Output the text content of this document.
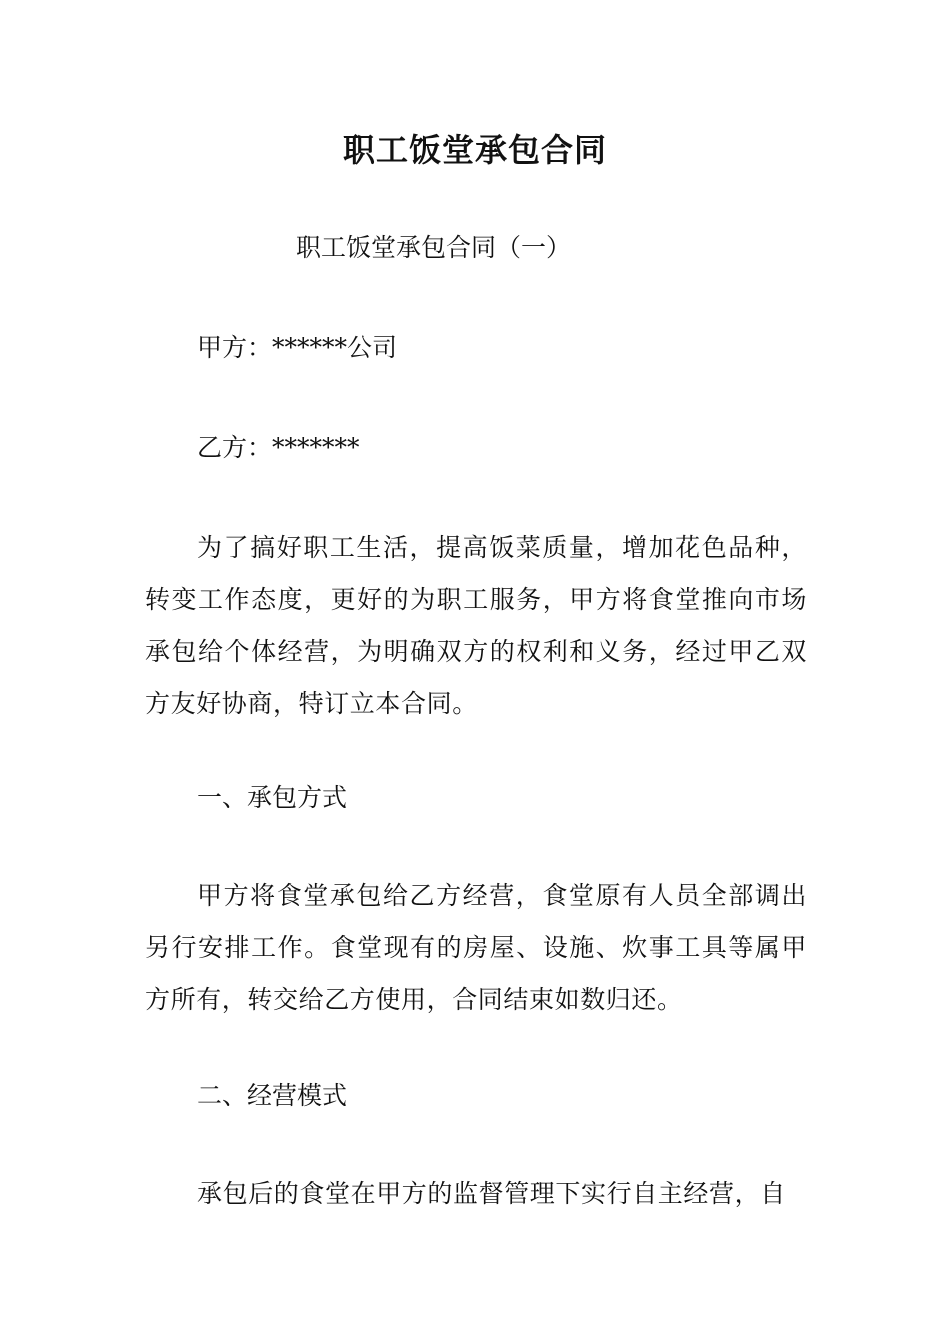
职工饭堂承包合同

职工饭堂承包合同（一）

甲方：******公司

乙方：*******

为了搞好职工生活，提高饭菜质量，增加花色品种，转变工作态度，更好的为职工服务，甲方将食堂推向市场承包给个体经营，为明确双方的权利和义务，经过甲乙双方友好协商，特订立本合同。

一、承包方式

甲方将食堂承包给乙方经营，食堂原有人员全部调出另行安排工作。食堂现有的房屋、设施、炊事工具等属甲方所有，转交给乙方使用，合同结束如数归还。

二、经营模式

承包后的食堂在甲方的监督管理下实行自主经营，自
